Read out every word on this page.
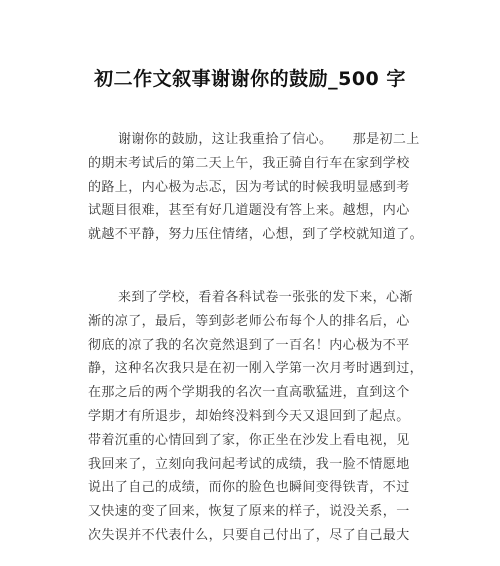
初二作文叙事谢谢你的鼓励_500 字
谢谢你的鼓励，这让我重拾了信心。　　那是初二上
的期末考试后的第二天上午，我正骑自行车在家到学校
的路上，内心极为忐忑，因为考试的时候我明显感到考
试题目很难，甚至有好几道题没有答上来。越想，内心
就越不平静，努力压住情绪，心想，到了学校就知道了。
来到了学校，看着各科试卷一张张的发下来，心渐
渐的凉了，最后，等到彭老师公布每个人的排名后，心
彻底的凉了我的名次竟然退到了一百名！内心极为不平
静，这种名次我只是在初一刚入学第一次月考时遇到过，
在那之后的两个学期我的名次一直高歌猛进，直到这个
学期才有所退步，却始终没料到今天又退回到了起点。
带着沉重的心情回到了家，你正坐在沙发上看电视，见
我回来了，立刻向我问起考试的成绩，我一脸不情愿地
说出了自己的成绩，而你的脸色也瞬间变得铁青，不过
又快速的变了回来，恢复了原来的样子，说没关系，一
次失误并不代表什么，只要自己付出了，尽了自己最大
